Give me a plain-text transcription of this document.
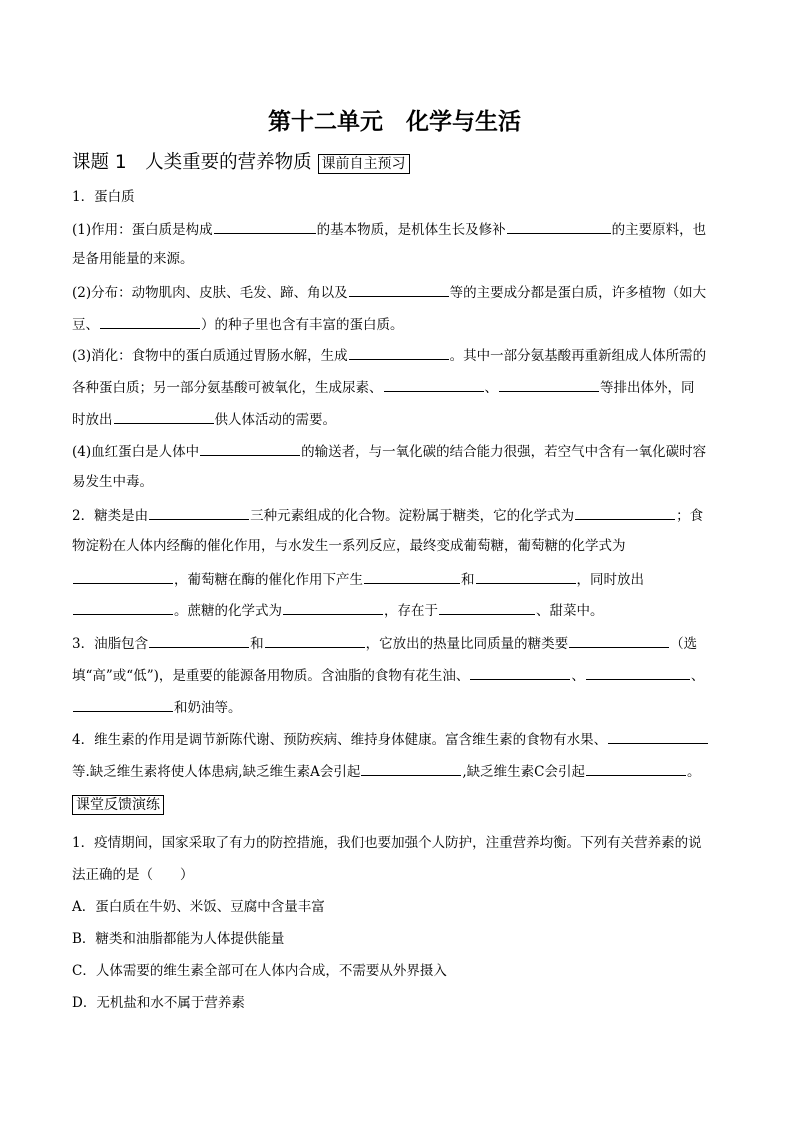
第十二单元　化学与生活
课题 1　人类重要的营养物质 课前自主预习
1．蛋白质
(1)作用：蛋白质是构成	的基本物质，是机体生长及修补	的主要原料，也
是备用能量的来源。
(2)分布：动物肌肉、皮肤、毛发、蹄、角以及	等的主要成分都是蛋白质，许多植物（如大
豆、	）的种子里也含有丰富的蛋白质。
(3)消化：食物中的蛋白质通过胃肠水解，生成	。其中一部分氨基酸再重新组成人体所需的
各种蛋白质；另一部分氨基酸可被氧化，生成尿素、	、	等排出体外，同
时放出	供人体活动的需要。
(4)血红蛋白是人体中	的输送者，与一氧化碳的结合能力很强，若空气中含有一氧化碳时容
易发生中毒。
2．糖类是由	三种元素组成的化合物。淀粉属于糖类，它的化学式为	；食
物淀粉在人体内经酶的催化作用，与水发生一系列反应，最终变成葡萄糖，葡萄糖的化学式为
，葡萄糖在酶的催化作用下产生	和	，同时放出
。蔗糖的化学式为	，存在于	、甜菜中。
3．油脂包含	和	，它放出的热量比同质量的糖类要	（选
填“高”或“低”)，是重要的能源备用物质。含油脂的食物有花生油、	、	、
和奶油等。
4．维生素的作用是调节新陈代谢、预防疾病、维持身体健康。富含维生素的食物有水果、
等.缺乏维生素将使人体患病,缺乏维生素A会引起	,缺乏维生素C会引起	。
课堂反馈演练
1．疫情期间，国家采取了有力的防控措施，我们也要加强个人防护，注重营养均衡。下列有关营养素的说
法正确的是（　　）
A．蛋白质在牛奶、米饭、豆腐中含量丰富
B．糖类和油脂都能为人体提供能量
C．人体需要的维生素全部可在人体内合成，不需要从外界摄入
D．无机盐和水不属于营养素
